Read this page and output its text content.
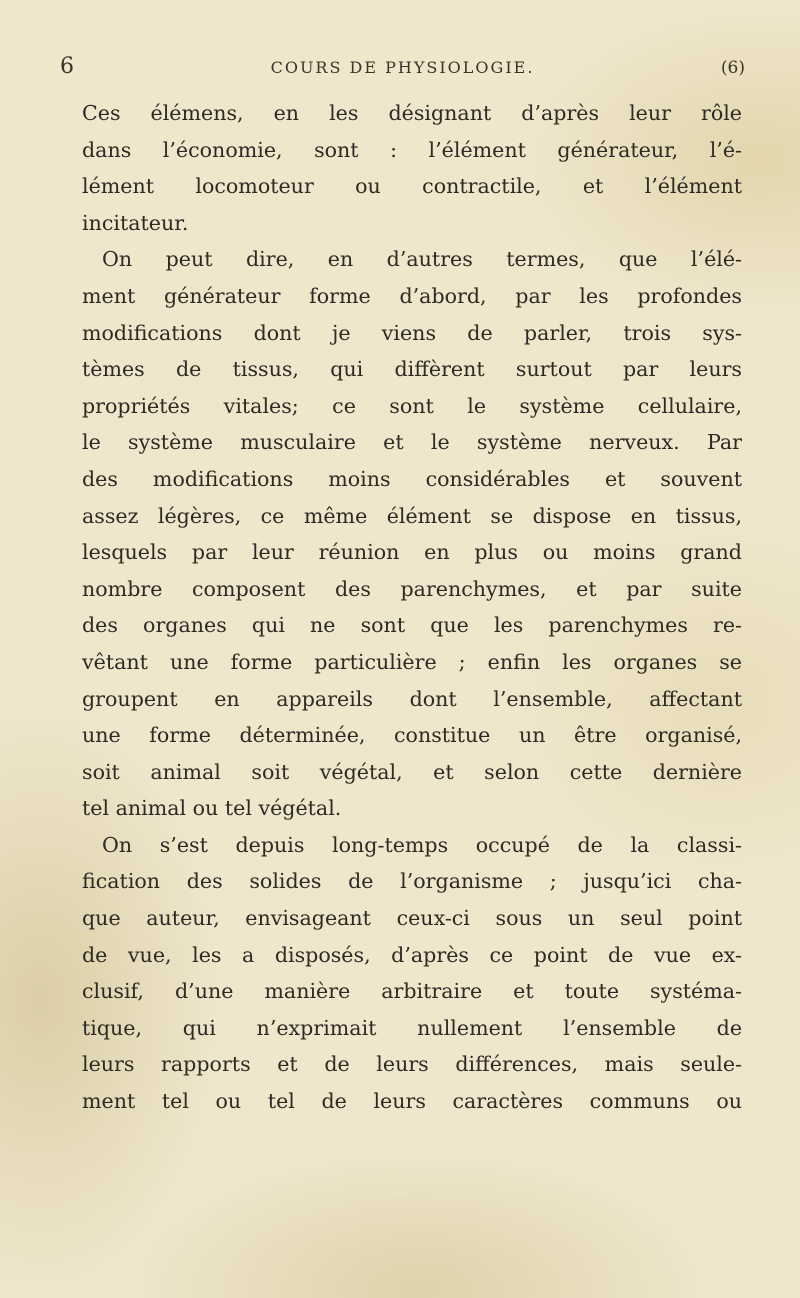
6	COURS DE PHYSIOLOGIE.	(6)
Ces élémens, en les désignant d’après leur rôle
dans l’économie, sont : l’élément générateur, l’é-
lément locomoteur ou contractile, et l’élément
incitateur.
On peut dire, en d’autres termes, que l’élé-
ment générateur forme d’abord, par les profondes
modifications dont je viens de parler, trois sys-
tèmes de tissus, qui diffèrent surtout par leurs
propriétés vitales; ce sont le système cellulaire,
le système musculaire et le système nerveux. Par
des modifications moins considérables et souvent
assez légères, ce même élément se dispose en tissus,
lesquels par leur réunion en plus ou moins grand
nombre composent des parenchymes, et par suite
des organes qui ne sont que les parenchymes re-
vêtant une forme particulière ; enfin les organes se
groupent en appareils dont l’ensemble, affectant
une forme déterminée, constitue un être organisé,
soit animal soit végétal, et selon cette dernière
tel animal ou tel végétal.
On s’est depuis long-temps occupé de la classi-
fication des solides de l’organisme ; jusqu’ici cha-
que auteur, envisageant ceux-ci sous un seul point
de vue, les a disposés, d’après ce point de vue ex-
clusif, d’une manière arbitraire et toute systéma-
tique, qui n’exprimait nullement l’ensemble de
leurs rapports et de leurs différences, mais seule-
ment tel ou tel de leurs caractères communs ou
